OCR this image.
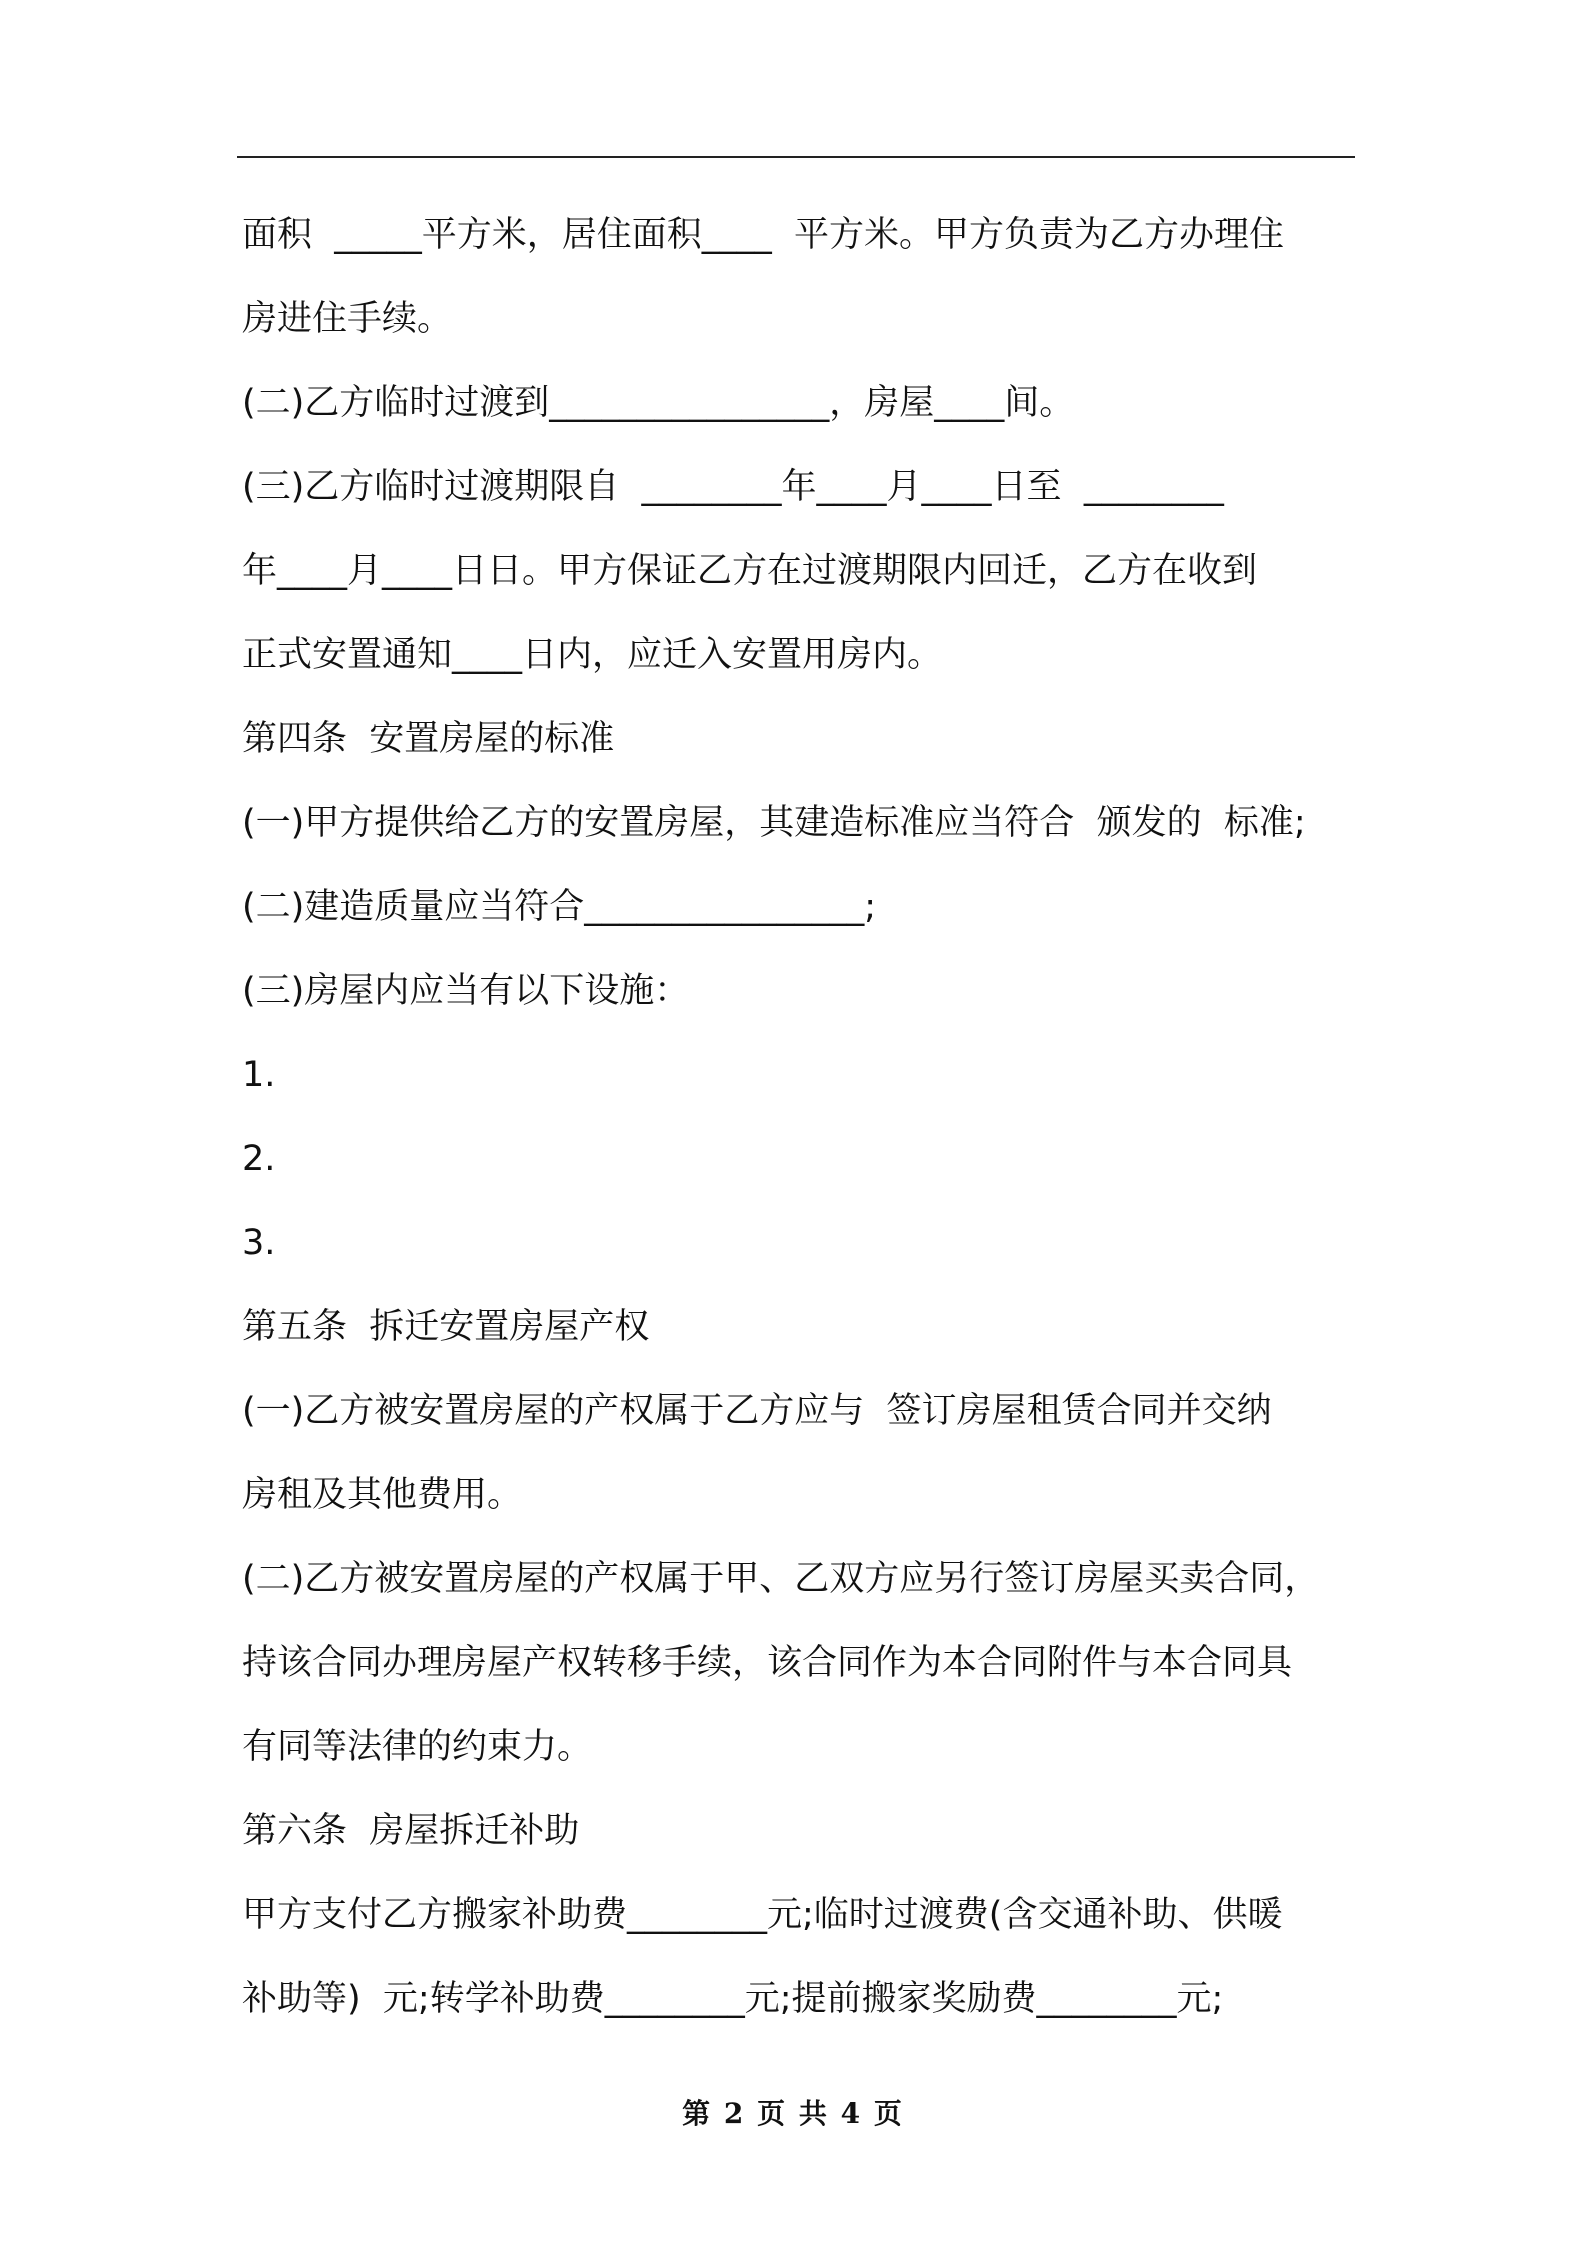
面积  _____平方米，居住面积____  平方米。甲方负责为乙方办理住
房进住手续。
(二)乙方临时过渡到________________，房屋____间。
(三)乙方临时过渡期限自  ________年____月____日至  ________
年____月____日日。甲方保证乙方在过渡期限内回迁，乙方在收到
正式安置通知____日内，应迁入安置用房内。
第四条  安置房屋的标准
(一)甲方提供给乙方的安置房屋，其建造标准应当符合  颁发的  标准;
(二)建造质量应当符合________________;
(三)房屋内应当有以下设施：
1.
2.
3.
第五条  拆迁安置房屋产权
(一)乙方被安置房屋的产权属于乙方应与  签订房屋租赁合同并交纳
房租及其他费用。
(二)乙方被安置房屋的产权属于甲、乙双方应另行签订房屋买卖合同，
持该合同办理房屋产权转移手续，该合同作为本合同附件与本合同具
有同等法律的约束力。
第六条  房屋拆迁补助
甲方支付乙方搬家补助费________元;临时过渡费(含交通补助、供暖
补助等)  元;转学补助费________元;提前搬家奖励费________元;
第 2 页 共 4 页
